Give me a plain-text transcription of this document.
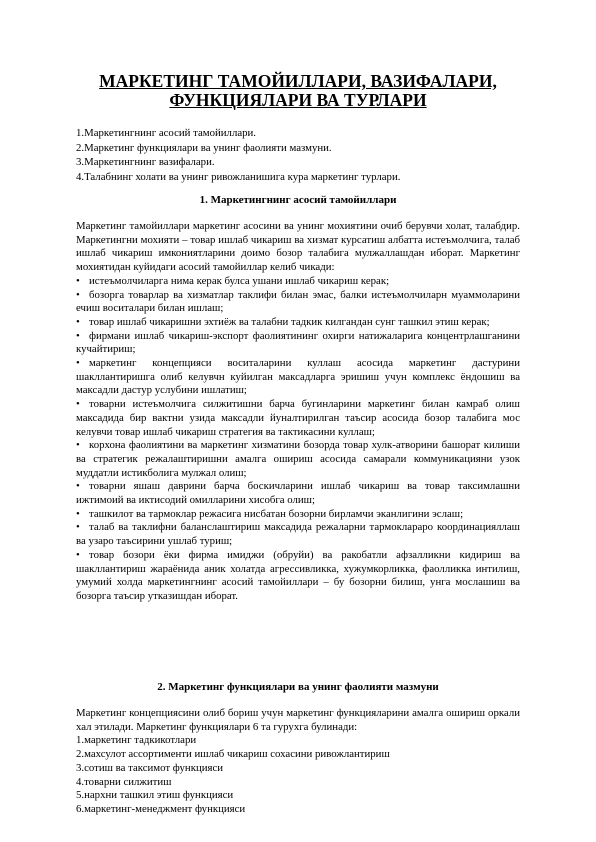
МАРКЕТИНГ ТАМОЙИЛЛАРИ, ВАЗИФАЛАРИ, ФУНКЦИЯЛАРИ ВА ТУРЛАРИ
1.Маркетингнинг асосий тамойиллари.
2.Маркетинг функциялари ва унинг фаолияти мазмуни.
3.Маркетингнинг вазифалари.
4.Талабнинг холати ва унинг ривожланишига кура маркетинг турлари.
1. Маркетингнинг асосий тамойиллари

Маркетинг тамойиллари маркетинг асосини ва унинг мохиятини очиб берувчи холат, талабдир. Маркетингни мохияти – товар ишлаб чикариш ва хизмат курсатиш албатта истеъмолчига, талаб ишлаб чикариш имкониятларини доимо бозор талабига мулжаллашдан иборат. Маркетинг мохиятидан куйидаги асосий тамойиллар келиб чикади:

• истеъмолчиларга нима керак булса ушани ишлаб чикариш керак;

• бозорга товарлар ва хизматлар таклифи билан эмас, балки истеъмолчиларн муаммоларини ечиш воситалари билан ишлаш;

• товар ишлаб чикаришни эхтиёж ва талабни тадкик килгандан сунг ташкил этиш керак;

• фирмани ишлаб чикариш-экспорт фаолиятининг охирги натижаларига концентрлашганини кучайтириш;

• маркетинг концепцияси воситаларини куллаш асосида маркетинг дастурини шакллантиришга олиб келувчн куйилган максадларга эришиш учун комплекс ёндошиш ва максадли дастур услубини ишлатиш;

• товарни истеъмолчига силжитишни барча бугинларини маркетинг билан камраб олиш максадида бир вактни узида максадли йуналтирилган таъсир асосида бозор талабига мос келувчи товар ишлаб чикариш стратегия ва тактикасини куллаш;

• корхона фаолиятини ва маркетинг хизматини бозорда товар хулк-атворини башорат килиши ва стратегик режалаштиришни амалга ошириш асосида самарали коммуникацияни узок муддатли истикболига мулжал олиш;

• товарни яшаш даврини барча боскичларини ишлаб чикариш ва товар таксимлашни ижтимоий ва иктисодий омилларини хисобга олиш;

• ташкилот ва тармоклар режасига нисбатан бозорни бирламчи эканлигини эслаш;

• талаб ва таклифни баланслаштириш максадида режаларни тармокларaро координацияллаш ва узаро таъсирини ушлаб туриш;

• товар бозори ёки фирма имиджи (обруйи) ва ракобатли афзалликни кидириш ва шакллантириш жараёнида аник холатда агрессивликка, хужумкорликка, фаолликка интилиш, умумий холда маркетингнинг асосий тамойиллари – бу бозорни билиш, унга мослашиш ва бозорга таъсир утказишдан иборат.

2. Маркетинг функциялари ва унинг фаолияти мазмуни

Маркетинг концепциясини олиб бориш учун маркетинг функцияларини амалга ошириш оркали хал этилади. Маркетинг функциялари 6 та гурухга булинади:

1.маркетинг тадкикотлари
2.махсулот ассортименти ишлаб чикариш сохасини ривожлантириш
3.сотиш ва таксимот функцияси
4.товарни силжитиш
5.нархни ташкил этиш функцияси
6.маркетинг-менеджмент функцияси
